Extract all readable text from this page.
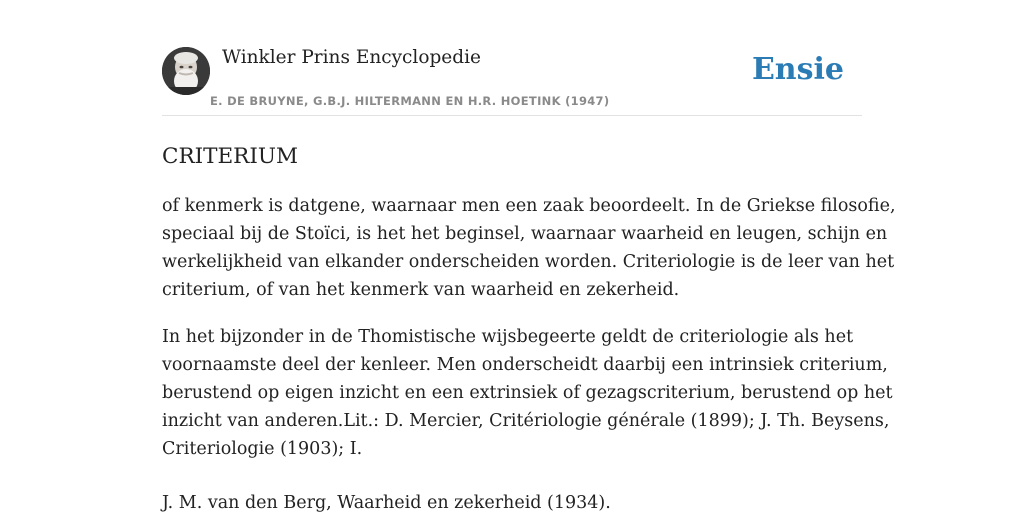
Winkler Prins Encyclopedie
E. DE BRUYNE, G.B.J. HILTERMANN EN H.R. HOETINK (1947)
Ensie
CRITERIUM

of kenmerk is datgene, waarnaar men een zaak beoordeelt. In de Griekse filosofie,
speciaal bij de Stoïci, is het het beginsel, waarnaar waarheid en leugen, schijn en
werkelijkheid van elkander onderscheiden worden. Criteriologie is de leer van het
criterium, of van het kenmerk van waarheid en zekerheid.

In het bijzonder in de Thomistische wijsbegeerte geldt de criteriologie als het
voornaamste deel der kenleer. Men onderscheidt daarbij een intrinsiek criterium,
berustend op eigen inzicht en een extrinsiek of gezagscriterium, berustend op het
inzicht van anderen.Lit.: D. Mercier, Critériologie générale (1899); J. Th. Beysens,
Criteriologie (1903); I.

J. M. van den Berg, Waarheid en zekerheid (1934).
